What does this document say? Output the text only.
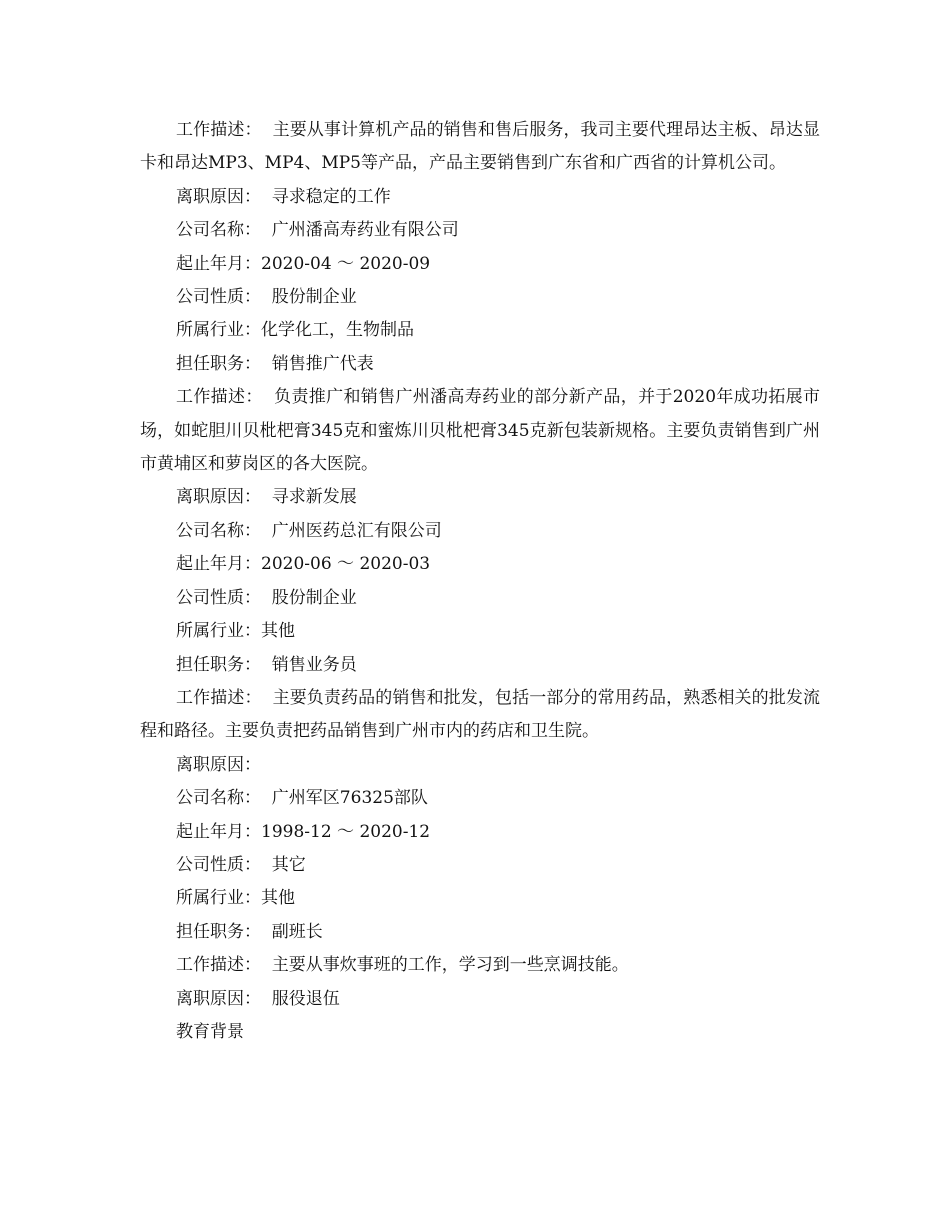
工作描述：  主要从事计算机产品的销售和售后服务，我司主要代理昂达主板、昂达显卡和昂达MP3、MP4、MP5等产品，产品主要销售到广东省和广西省的计算机公司。

离职原因：  寻求稳定的工作

公司名称：  广州潘高寿药业有限公司

起止年月：2020-04 ～ 2020-09

公司性质：  股份制企业

所属行业：化学化工，生物制品

担任职务：  销售推广代表

工作描述：  负责推广和销售广州潘高寿药业的部分新产品，并于2020年成功拓展市场，如蛇胆川贝枇杷膏345克和蜜炼川贝枇杷膏345克新包装新规格。主要负责销售到广州市黄埔区和萝岗区的各大医院。

离职原因：  寻求新发展

公司名称：  广州医药总汇有限公司

起止年月：2020-06 ～ 2020-03

公司性质：  股份制企业

所属行业：其他

担任职务：  销售业务员

工作描述：  主要负责药品的销售和批发，包括一部分的常用药品，熟悉相关的批发流程和路径。主要负责把药品销售到广州市内的药店和卫生院。

离职原因：

公司名称：  广州军区76325部队

起止年月：1998-12 ～ 2020-12

公司性质：  其它

所属行业：其他

担任职务：  副班长

工作描述：  主要从事炊事班的工作，学习到一些烹调技能。

离职原因：  服役退伍

教育背景
